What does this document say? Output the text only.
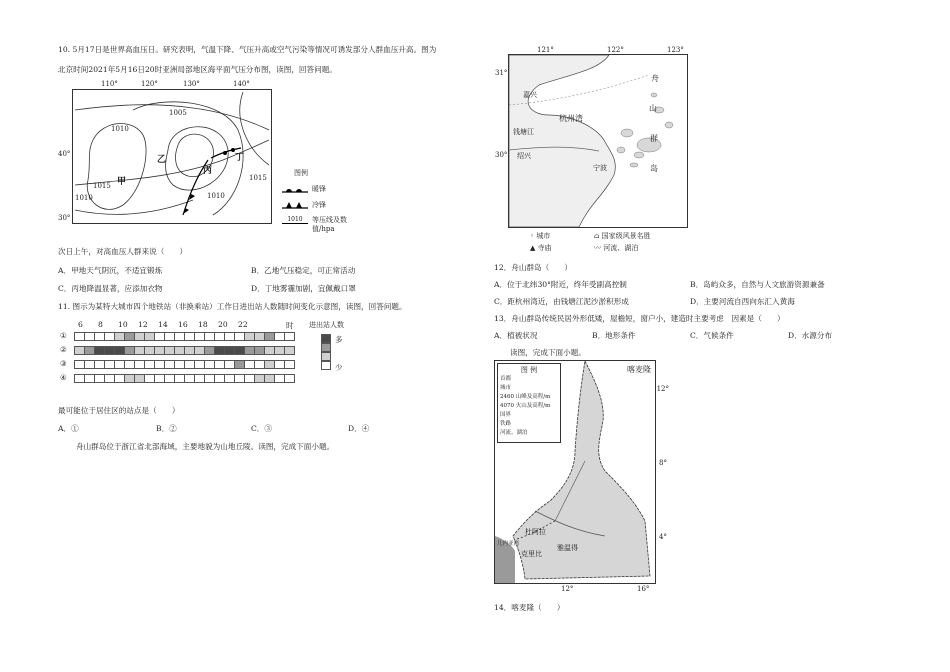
10. 5月17日是世界高血压日。研究表明，气温下降、气压升高或空气污染等情况可诱发部分人群血压升高。图为
北京时间2021年5月16日20时亚洲局部地区海平面气压分布图，读图，回答问题。
110°	120°	130°	140°
40°
30°
1010
1005
1015
1010
1015
1010
甲
乙
丙
丁
图例
暖锋
冷锋
1010	等压线及数值/hpa
次日上午，对高血压人群来说（　　）
A．甲地天气阴沉，不适宜锻炼	B．乙地气压稳定，可正常活动
C．丙地降温显著，应添加衣物	D．丁地雾霾加剧，宜佩戴口罩
11. 图示为某特大城市四个地铁站（非换乘站）工作日进出站人数随时间变化示意图，读图，回答问题。
6 8 10 12 14 16 18 20 22	时
①
②
③
④
进出站人数
多
少
最可能位于居住区的站点是（　　）
A．①	B．②	C．③	D．④
舟山群岛位于浙江省北部海域，主要地貌为山地丘陵。读图，完成下面小题。
121°	122°	123°
31°
30°
嘉兴
杭州湾
钱塘江
绍兴
宁波
舟
山
群
岛
◦ 城市	⌂ 国家级风景名胜
▲ 寺庙	〰 河流、湖泊
12．舟山群岛（　　）
A．位于北纬30°附近，终年受副高控制	B．岛屿众多，自然与人文旅游资源兼备
C．距杭州湾近，由钱塘江泥沙淤积形成	D．主要河流自西向东汇入黄海
13．舟山群岛传统民居外形低矮，屋檐短，窗户小，建造时主要考虑　因素是（　　）
A．植被状况	B．地形条件	C．气候条件	D．水源分布
读图，完成下面小题。
图 例
首都
城市
2460 山峰及高程/m
4070 火山及高程/m
国界
铁路
河流、湖泊
喀麦隆
12°
8°
4°
12°	16°
雅温得
杜阿拉
克里比
几内亚湾
14．喀麦隆（　　）
